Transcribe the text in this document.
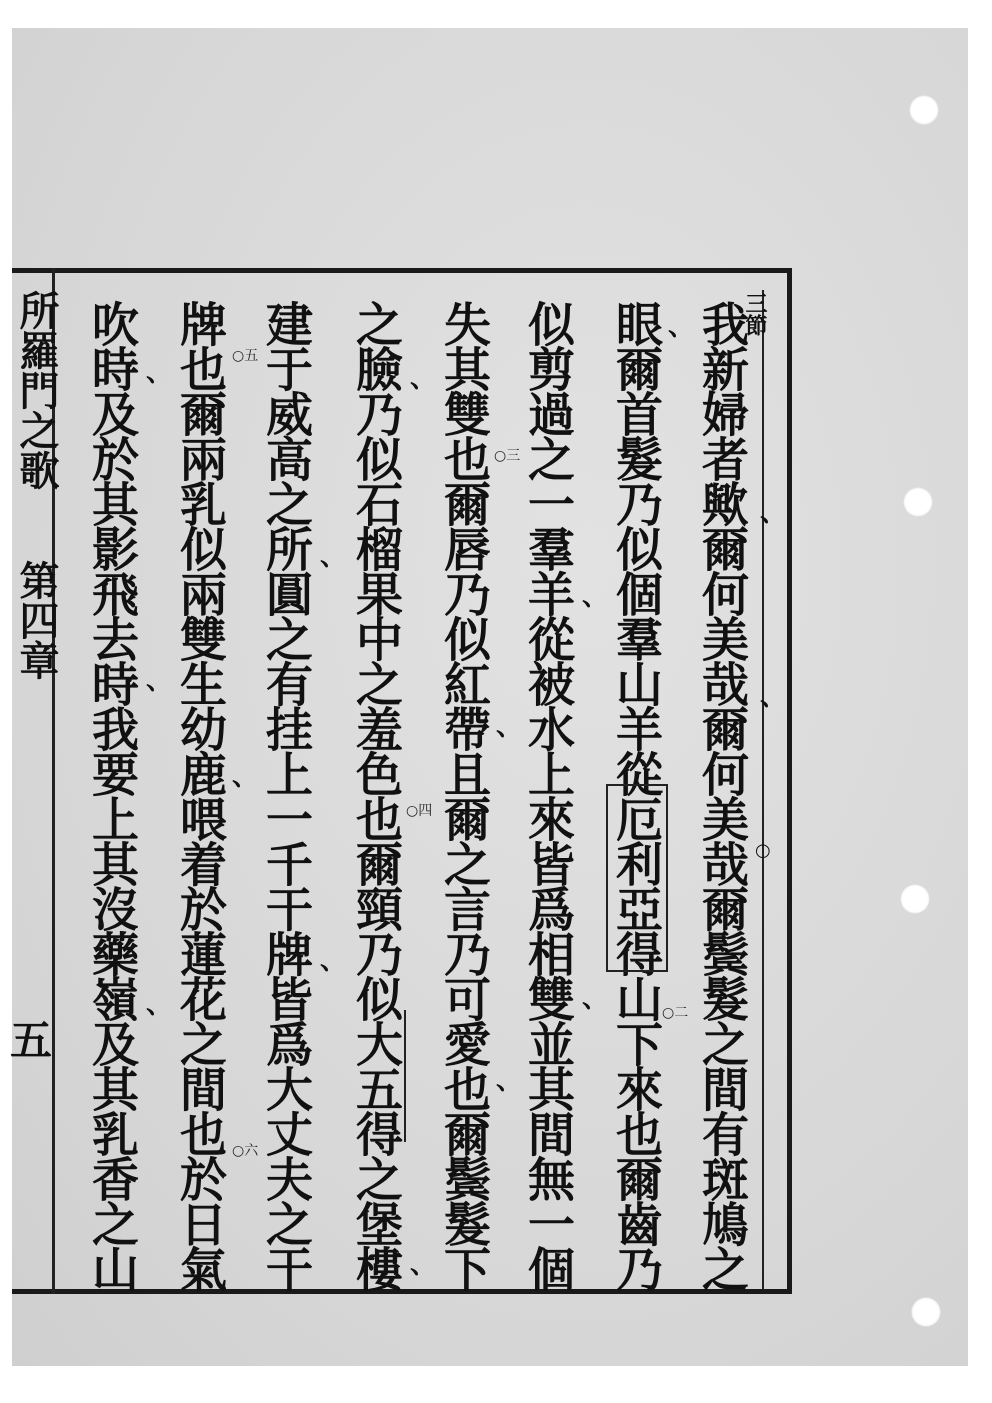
三節
我新婦者歟爾何美哉爾何美哉爾鬓髮之間有斑鳩之
眼爾首髮乃似個羣山羊從厄利亞得山下來也爾齒乃
似剪過之一羣羊從被水上來皆爲相雙並其間無一個
失其雙也爾唇乃似紅帶且爾之言乃可愛也爾鬓髮下
之臉乃似石榴果中之羞色也爾頸乃似大五得之堡樓
建于威高之所圓之有挂上一千干牌皆爲大丈夫之干
牌也爾兩乳似兩雙生幼鹿喂着於蓮花之間也於日氣
吹時及於其影飛去時我要上其沒藥嶺及其乳香之山	○二
○三
○四
○五
○六
、
、
、
○
、
、
、
、
、
、
、
、
、
、
、
、
所羅門之歌
第四章
五
